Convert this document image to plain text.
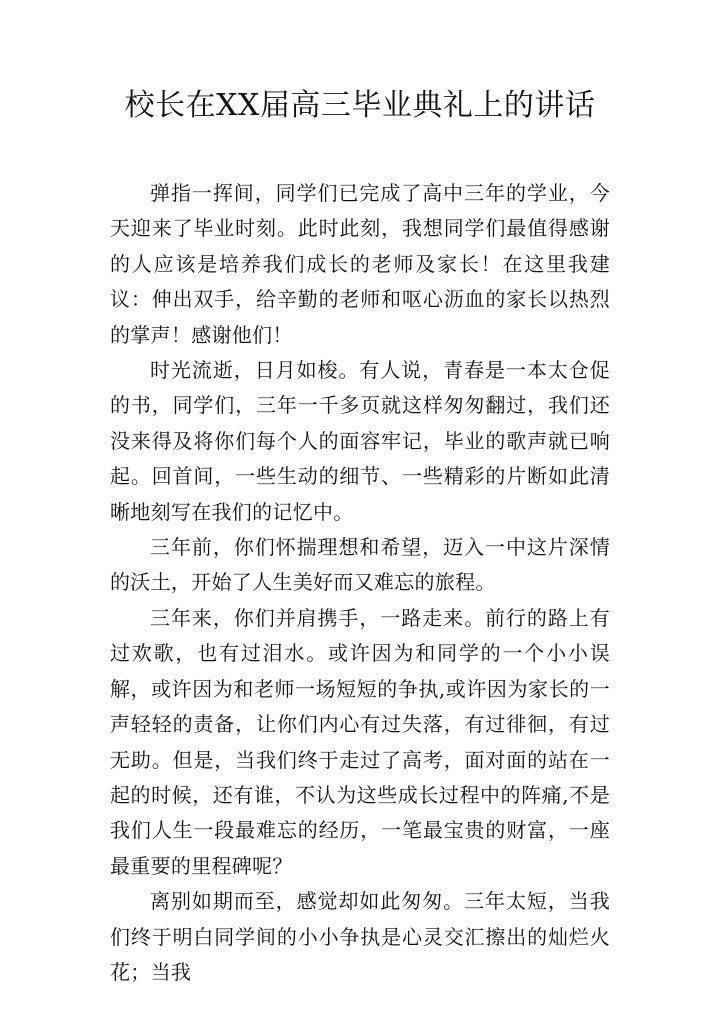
校长在XX届高三毕业典礼上的讲话

弹指一挥间，同学们已完成了高中三年的学业，今天迎来了毕业时刻。此时此刻，我想同学们最值得感谢的人应该是培养我们成长的老师及家长！在这里我建议：伸出双手，给辛勤的老师和呕心沥血的家长以热烈的掌声！感谢他们！

时光流逝，日月如梭。有人说，青春是一本太仓促的书，同学们，三年一千多页就这样匆匆翻过，我们还没来得及将你们每个人的面容牢记，毕业的歌声就已响起。回首间，一些生动的细节、一些精彩的片断如此清晰地刻写在我们的记忆中。

三年前，你们怀揣理想和希望，迈入一中这片深情的沃土，开始了人生美好而又难忘的旅程。

三年来，你们并肩携手，一路走来。前行的路上有过欢歌，也有过泪水。或许因为和同学的一个小小误解，或许因为和老师一场短短的争执,或许因为家长的一声轻轻的责备，让你们内心有过失落，有过徘徊，有过无助。但是，当我们终于走过了高考，面对面的站在一起的时候，还有谁，不认为这些成长过程中的阵痛,不是我们人生一段最难忘的经历，一笔最宝贵的财富，一座最重要的里程碑呢？

离别如期而至，感觉却如此匆匆。三年太短，当我们终于明白同学间的小小争执是心灵交汇擦出的灿烂火花；当我
